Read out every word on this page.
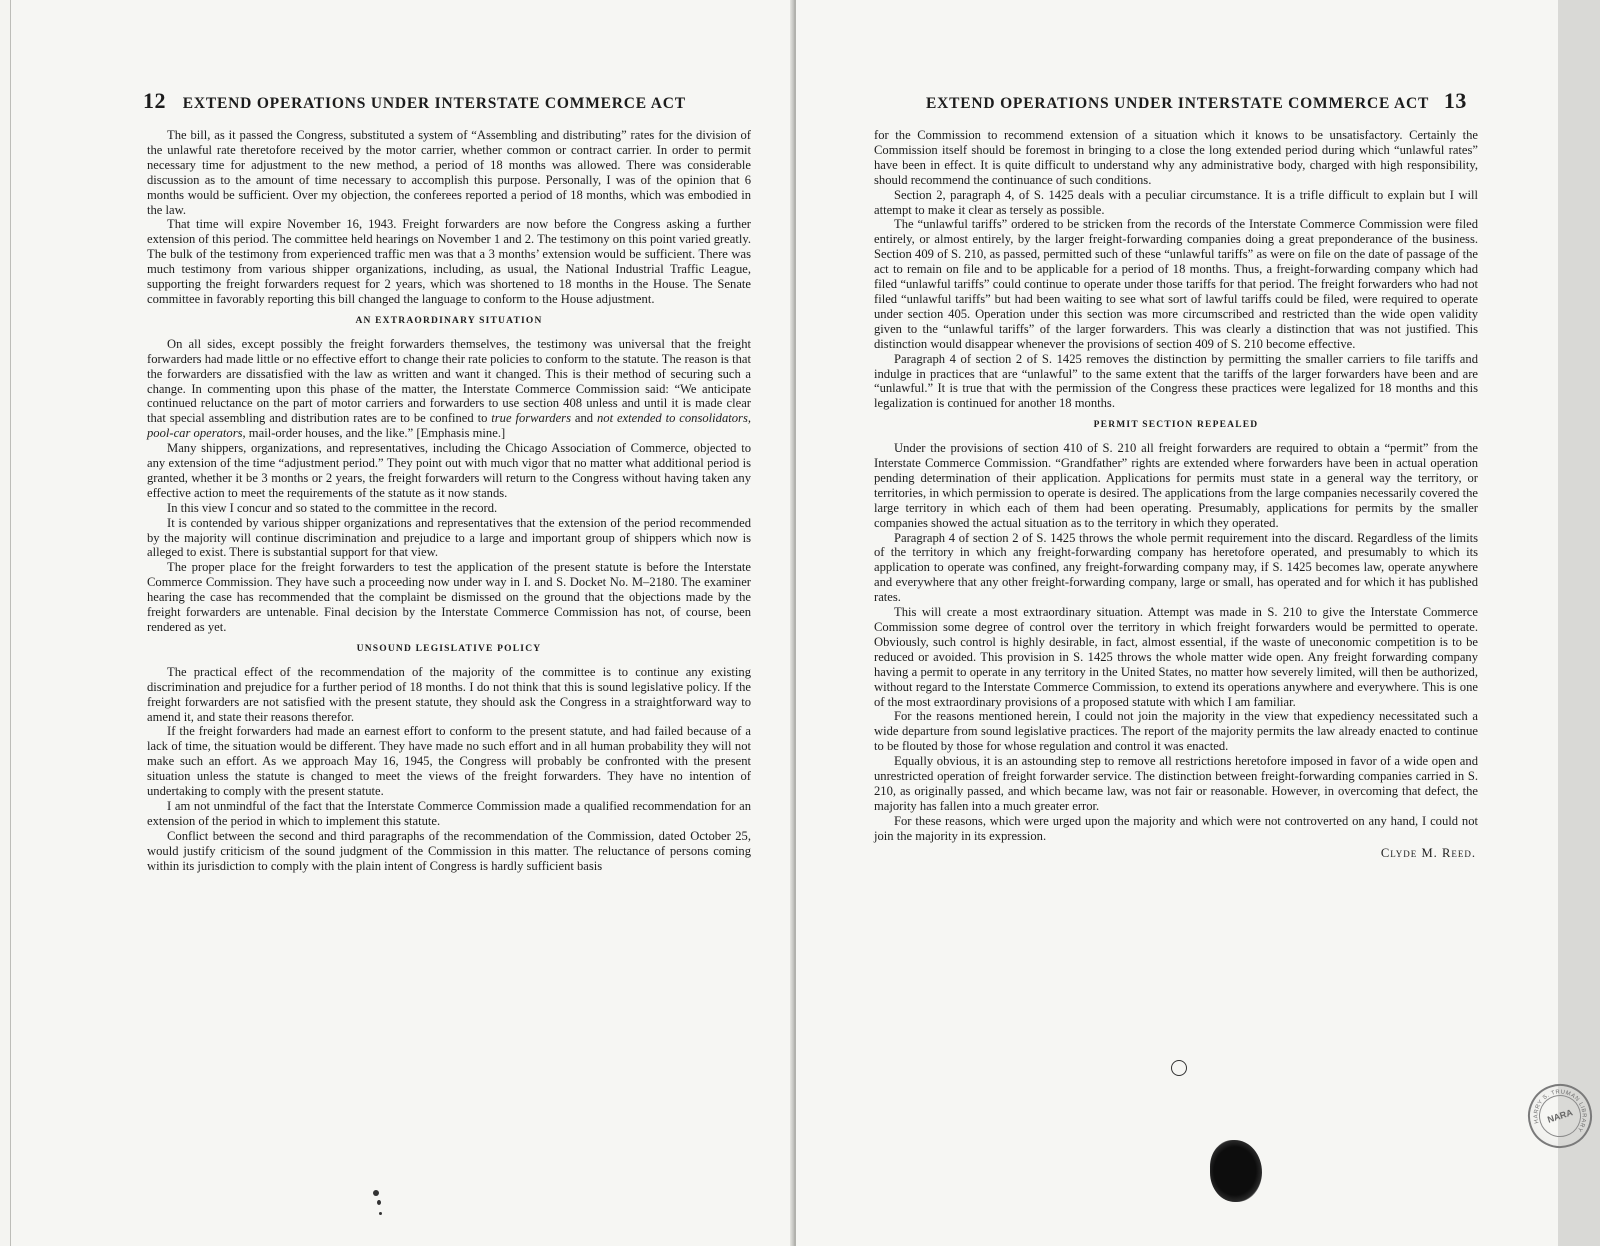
12 EXTEND OPERATIONS UNDER INTERSTATE COMMERCE ACT

The bill, as it passed the Congress, substituted a system of “Assembling and distributing” rates for the division of the unlawful rate theretofore received by the motor carrier, whether common or contract carrier. In order to permit necessary time for adjustment to the new method, a period of 18 months was allowed. There was considerable discussion as to the amount of time necessary to accomplish this purpose. Personally, I was of the opinion that 6 months would be sufficient. Over my objection, the conferees reported a period of 18 months, which was embodied in the law.

That time will expire November 16, 1943. Freight forwarders are now before the Congress asking a further extension of this period. The committee held hearings on November 1 and 2. The testimony on this point varied greatly. The bulk of the testimony from experienced traffic men was that a 3 months’ extension would be sufficient. There was much testimony from various shipper organizations, including, as usual, the National Industrial Traffic League, supporting the freight forwarders request for 2 years, which was shortened to 18 months in the House. The Senate committee in favorably reporting this bill changed the language to conform to the House adjustment.

AN EXTRAORDINARY SITUATION

On all sides, except possibly the freight forwarders themselves, the testimony was universal that the freight forwarders had made little or no effective effort to change their rate policies to conform to the statute. The reason is that the forwarders are dissatisfied with the law as written and want it changed. This is their method of securing such a change. In commenting upon this phase of the matter, the Interstate Commerce Commission said: “We anticipate continued reluctance on the part of motor carriers and forwarders to use section 408 unless and until it is made clear that special assembling and distribution rates are to be confined to true forwarders and not extended to consolidators, pool-car operators, mail-order houses, and the like.” [Emphasis mine.]

Many shippers, organizations, and representatives, including the Chicago Association of Commerce, objected to any extension of the time “adjustment period.” They point out with much vigor that no matter what additional period is granted, whether it be 3 months or 2 years, the freight forwarders will return to the Congress without having taken any effective action to meet the requirements of the statute as it now stands.

In this view I concur and so stated to the committee in the record.

It is contended by various shipper organizations and representatives that the extension of the period recommended by the majority will continue discrimination and prejudice to a large and important group of shippers which now is alleged to exist. There is substantial support for that view.

The proper place for the freight forwarders to test the application of the present statute is before the Interstate Commerce Commission. They have such a proceeding now under way in I. and S. Docket No. M–2180. The examiner hearing the case has recommended that the complaint be dismissed on the ground that the objections made by the freight forwarders are untenable. Final decision by the Interstate Commerce Commission has not, of course, been rendered as yet.

UNSOUND LEGISLATIVE POLICY

The practical effect of the recommendation of the majority of the committee is to continue any existing discrimination and prejudice for a further period of 18 months. I do not think that this is sound legislative policy. If the freight forwarders are not satisfied with the present statute, they should ask the Congress in a straightforward way to amend it, and state their reasons therefor.

If the freight forwarders had made an earnest effort to conform to the present statute, and had failed because of a lack of time, the situation would be different. They have made no such effort and in all human probability they will not make such an effort. As we approach May 16, 1945, the Congress will probably be confronted with the present situation unless the statute is changed to meet the views of the freight forwarders. They have no intention of undertaking to comply with the present statute.

I am not unmindful of the fact that the Interstate Commerce Commission made a qualified recommendation for an extension of the period in which to implement this statute.

Conflict between the second and third paragraphs of the recommendation of the Commission, dated October 25, would justify criticism of the sound judgment of the Commission in this matter. The reluctance of persons coming within its jurisdiction to comply with the plain intent of Congress is hardly sufficient basis

EXTEND OPERATIONS UNDER INTERSTATE COMMERCE ACT 13

for the Commission to recommend extension of a situation which it knows to be unsatisfactory. Certainly the Commission itself should be foremost in bringing to a close the long extended period during which “unlawful rates” have been in effect. It is quite difficult to understand why any administrative body, charged with high responsibility, should recommend the continuance of such conditions.

Section 2, paragraph 4, of S. 1425 deals with a peculiar circumstance. It is a trifle difficult to explain but I will attempt to make it clear as tersely as possible.

The “unlawful tariffs” ordered to be stricken from the records of the Interstate Commerce Commission were filed entirely, or almost entirely, by the larger freight-forwarding companies doing a great preponderance of the business. Section 409 of S. 210, as passed, permitted such of these “unlawful tariffs” as were on file on the date of passage of the act to remain on file and to be applicable for a period of 18 months. Thus, a freight-forwarding company which had filed “unlawful tariffs” could continue to operate under those tariffs for that period. The freight forwarders who had not filed “unlawful tariffs” but had been waiting to see what sort of lawful tariffs could be filed, were required to operate under section 405. Operation under this section was more circumscribed and restricted than the wide open validity given to the “unlawful tariffs” of the larger forwarders. This was clearly a distinction that was not justified. This distinction would disappear whenever the provisions of section 409 of S. 210 become effective.

Paragraph 4 of section 2 of S. 1425 removes the distinction by permitting the smaller carriers to file tariffs and indulge in practices that are “unlawful” to the same extent that the tariffs of the larger forwarders have been and are “unlawful.” It is true that with the permission of the Congress these practices were legalized for 18 months and this legalization is continued for another 18 months.

PERMIT SECTION REPEALED

Under the provisions of section 410 of S. 210 all freight forwarders are required to obtain a “permit” from the Interstate Commerce Commission. “Grandfather” rights are extended where forwarders have been in actual operation pending determination of their application. Applications for permits must state in a general way the territory, or territories, in which permission to operate is desired. The applications from the large companies necessarily covered the large territory in which each of them had been operating. Presumably, applications for permits by the smaller companies showed the actual situation as to the territory in which they operated.

Paragraph 4 of section 2 of S. 1425 throws the whole permit requirement into the discard. Regardless of the limits of the territory in which any freight-forwarding company has heretofore operated, and presumably to which its application to operate was confined, any freight-forwarding company may, if S. 1425 becomes law, operate anywhere and everywhere that any other freight-forwarding company, large or small, has operated and for which it has published rates.

This will create a most extraordinary situation. Attempt was made in S. 210 to give the Interstate Commerce Commission some degree of control over the territory in which freight forwarders would be permitted to operate. Obviously, such control is highly desirable, in fact, almost essential, if the waste of uneconomic competition is to be reduced or avoided. This provision in S. 1425 throws the whole matter wide open. Any freight forwarding company having a permit to operate in any territory in the United States, no matter how severely limited, will then be authorized, without regard to the Interstate Commerce Commission, to extend its operations anywhere and everywhere. This is one of the most extraordinary provisions of a proposed statute with which I am familiar.

For the reasons mentioned herein, I could not join the majority in the view that expediency necessitated such a wide departure from sound legislative practices. The report of the majority permits the law already enacted to continue to be flouted by those for whose regulation and control it was enacted.

Equally obvious, it is an astounding step to remove all restrictions heretofore imposed in favor of a wide open and unrestricted operation of freight forwarder service. The distinction between freight-forwarding companies carried in S. 210, as originally passed, and which became law, was not fair or reasonable. However, in overcoming that defect, the majority has fallen into a much greater error.

For these reasons, which were urged upon the majority and which were not controverted on any hand, I could not join the majority in its expression.

Clyde M. Reed.
HARRY S. TRUMAN LIBRARY
NARA
